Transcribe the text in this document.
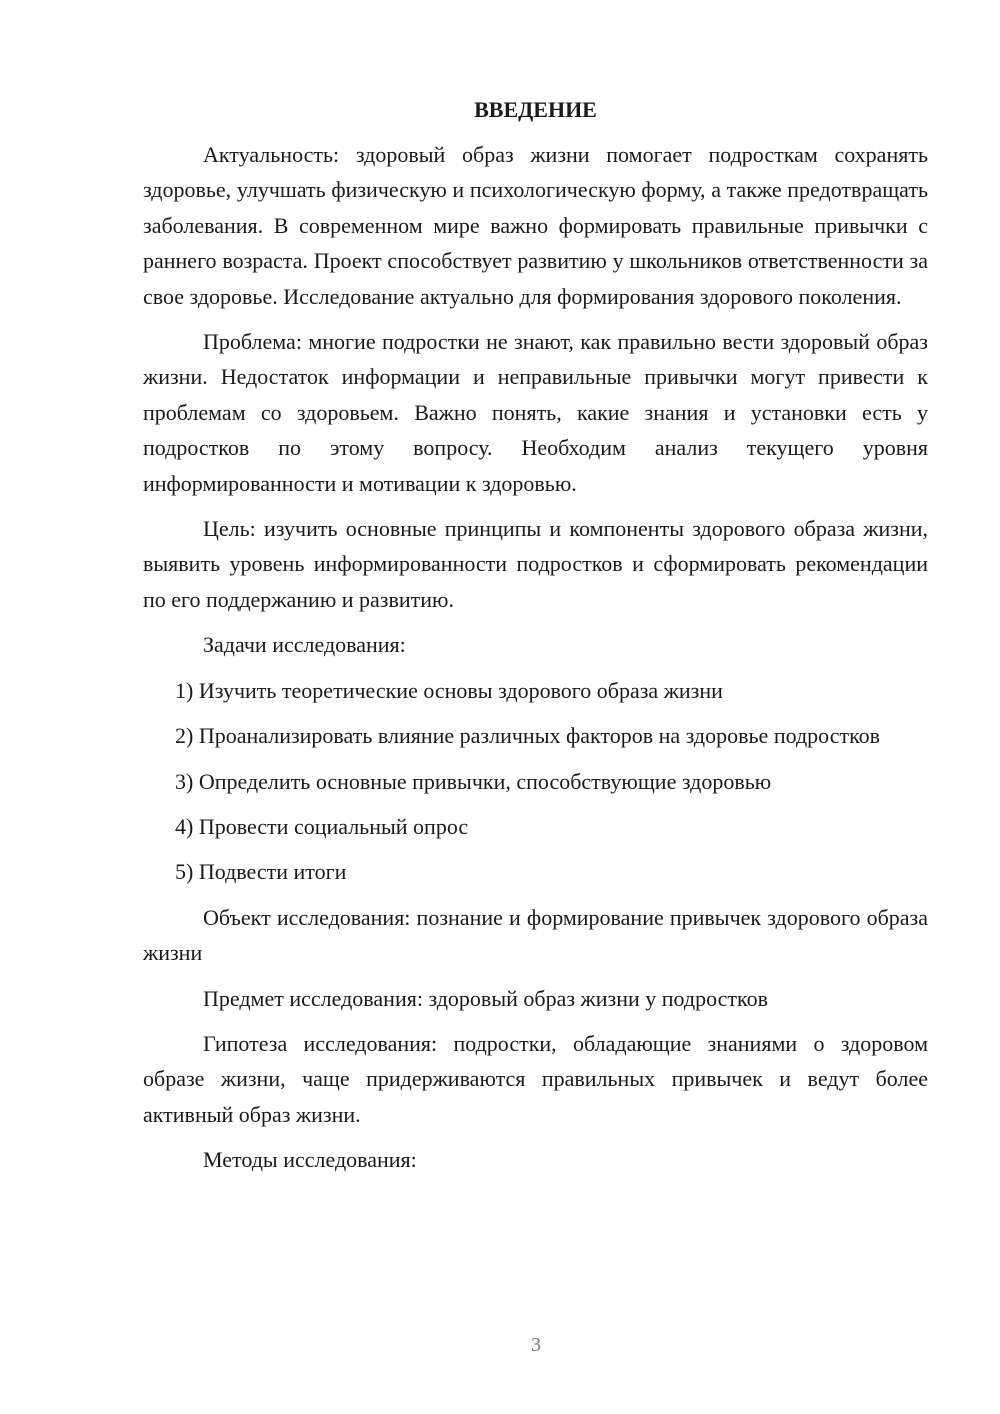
ВВЕДЕНИЕ

Актуальность: здоровый образ жизни помогает подросткам сохранять здоровье, улучшать физическую и психологическую форму, а также предотвращать заболевания. В современном мире важно формировать правильные привычки с раннего возраста. Проект способствует развитию у школьников ответственности за свое здоровье. Исследование актуально для формирования здорового поколения.

Проблема: многие подростки не знают, как правильно вести здоровый образ жизни. Недостаток информации и неправильные привычки могут привести к проблемам со здоровьем. Важно понять, какие знания и установки есть у подростков по этому вопросу. Необходим анализ текущего уровня информированности и мотивации к здоровью.

Цель: изучить основные принципы и компоненты здорового образа жизни, выявить уровень информированности подростков и сформировать рекомендации по его поддержанию и развитию.

Задачи исследования:

1) Изучить теоретические основы здорового образа жизни

2) Проанализировать влияние различных факторов на здоровье подростков

3) Определить основные привычки, способствующие здоровью

4) Провести социальный опрос

5) Подвести итоги

Объект исследования: познание и формирование привычек здорового образа жизни

Предмет исследования: здоровый образ жизни у подростков

Гипотеза исследования: подростки, обладающие знаниями о здоровом образе жизни, чаще придерживаются правильных привычек и ведут более активный образ жизни.

Методы исследования:

3
